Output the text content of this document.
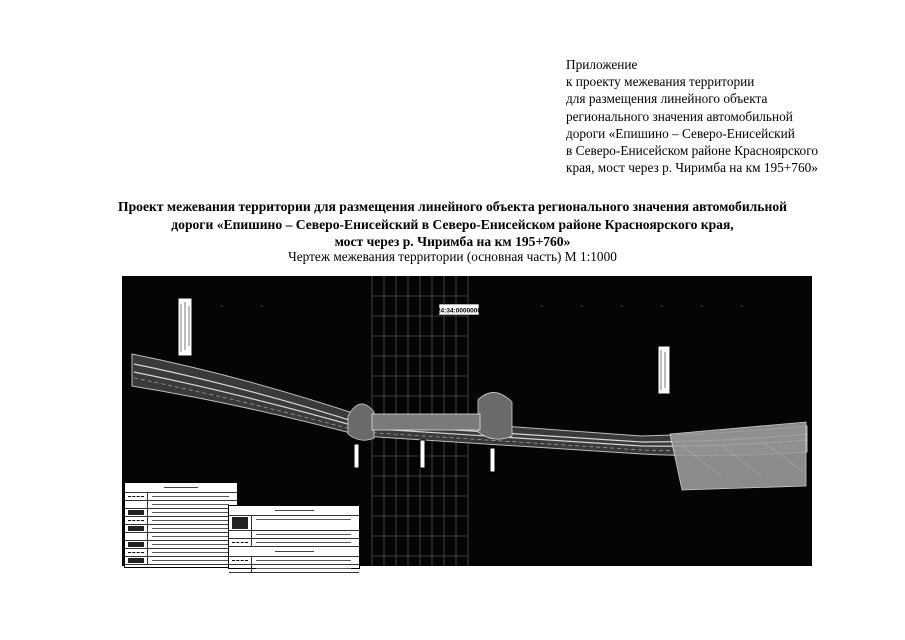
Приложение
к проекту межевания территории
для размещения линейного объекта
регионального значения автомобильной
дороги «Епишино – Северо-Енисейский
в Северо-Енисейском районе Красноярского
края, мост через р. Чиримба на км 195+760»
Проект межевания территории для размещения линейного объекта регионального значения автомобильной
дороги «Епишино – Северо-Енисейский в Северо-Енисейском районе Красноярского края,
мост через р. Чиримба на км 195+760»
Чертеж межевания территории (основная часть) М 1:1000
24:34:0000000
